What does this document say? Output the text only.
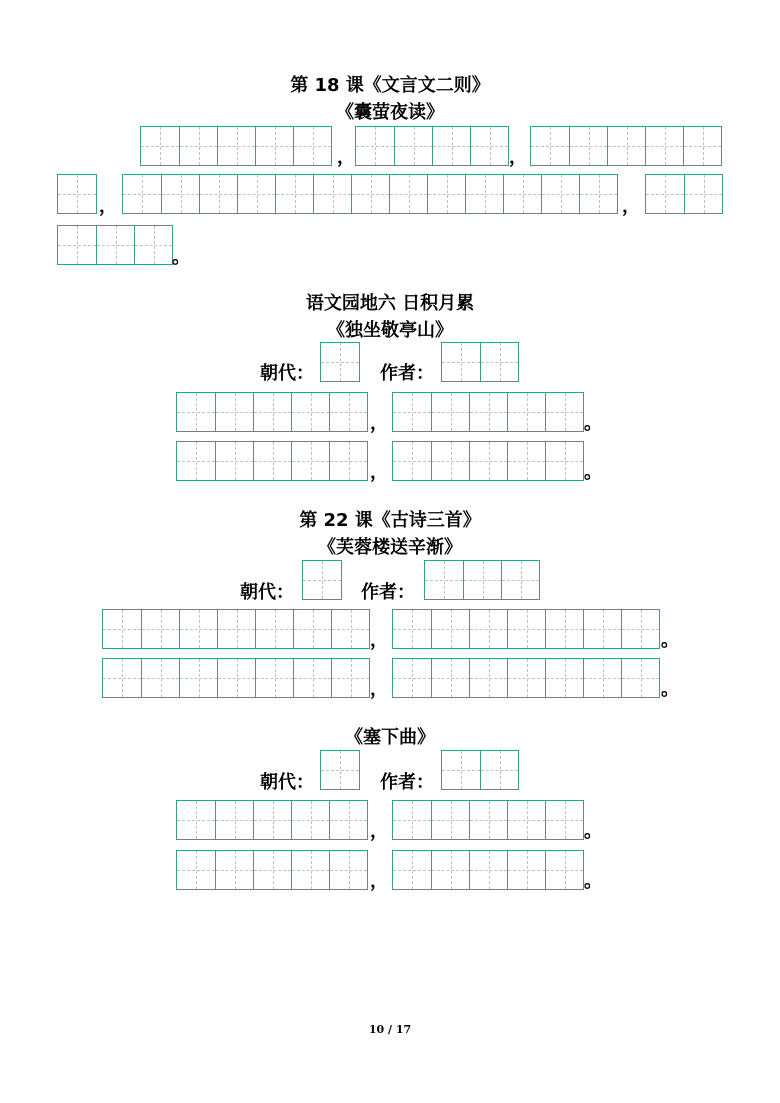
第 18 课《文言文二则》
《囊萤夜读》
，	，
，	，
。
语文园地六 日积月累
《独坐敬亭山》
朝代：	作者：
，	。
，	。
第 22 课《古诗三首》
《芙蓉楼送辛渐》
朝代：	作者：
，	。
，	。
《塞下曲》
朝代：	作者：
，	。
，	。
10 / 17
